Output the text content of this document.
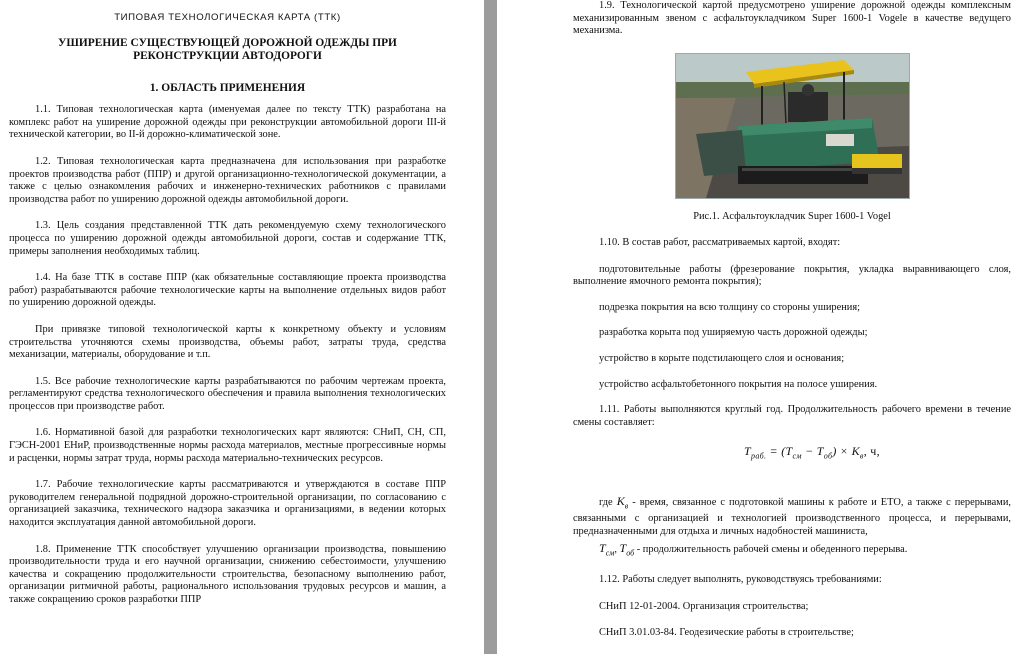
ТИПОВАЯ ТЕХНОЛОГИЧЕСКАЯ КАРТА (ТТК)
УШИРЕНИЕ СУЩЕСТВУЮЩЕЙ ДОРОЖНОЙ ОДЕЖДЫ ПРИ РЕКОНСТРУКЦИИ АВТОДОРОГИ
1. ОБЛАСТЬ ПРИМЕНЕНИЯ

1.1. Типовая технологическая карта (именуемая далее по тексту ТТК) разработана на комплекс работ на уширение дорожной одежды при реконструкции автомобильной дороги III-й технической категории, во II-й дорожно-климатической зоне.

1.2. Типовая технологическая карта предназначена для использования при разработке проектов производства работ (ППР) и другой организационно-технологической документации, а также с целью ознакомления рабочих и инженерно-технических работников с правилами производства работ по уширению дорожной одежды автомобильной дороги.

1.3. Цель создания представленной ТТК дать рекомендуемую схему технологического процесса по уширению дорожной одежды автомобильной дороги, состав и содержание ТТК, примеры заполнения необходимых таблиц.

1.4. На базе ТТК в составе ППР (как обязательные составляющие проекта производства работ) разрабатываются рабочие технологические карты на выполнение отдельных видов работ по уширению дорожной одежды.

При привязке типовой технологической карты к конкретному объекту и условиям строительства уточняются схемы производства, объемы работ, затраты труда, средства механизации, материалы, оборудование и т.п.

1.5. Все рабочие технологические карты разрабатываются по рабочим чертежам проекта, регламентируют средства технологического обеспечения и правила выполнения технологических процессов при производстве работ.

1.6. Нормативной базой для разработки технологических карт являются: СНиП, СН, СП, ГЭСН-2001 ЕНиР, производственные нормы расхода материалов, местные прогрессивные нормы и расценки, нормы затрат труда, нормы расхода материально-технических ресурсов.

1.7. Рабочие технологические карты рассматриваются и утверждаются в составе ППР руководителем генеральной подрядной дорожно-строительной организации, по согласованию с организацией заказчика, технического надзора заказчика и организациями, в ведении которых находится эксплуатация данной автомобильной дороги.

1.8. Применение ТТК способствует улучшению организации производства, повышению производительности труда и его научной организации, снижению себестоимости, улучшению качества и сокращению продолжительности строительства, безопасному выполнению работ, организации ритмичной работы, рационального использования трудовых ресурсов и машин, а также сокращению сроков разработки ППР

1.9. Технологической картой предусмотрено уширение дорожной одежды комплексным механизированным звеном с асфальтоукладчиком Super 1600-1 Vogele в качестве ведущего механизма.

Рис.1. Асфальтоукладчик Super 1600-1 Vogel

1.10. В состав работ, рассматриваемых картой, входят:

подготовительные работы (фрезерование покрытия, укладка выравнивающего слоя, выполнение ямочного ремонта покрытия);

подрезка покрытия на всю толщину со стороны уширения;

разработка корыта под уширяемую часть дорожной одежды;

устройство в корыте подстилающего слоя и основания;

устройство асфальтобетонного покрытия на полосе уширения.

1.11. Работы выполняются круглый год. Продолжительность рабочего времени в течение смены составляет:

$T_{раб.} = (T_{см} - T_{об}) \times K_в$, ч,

где $K_в$ - время, связанное с подготовкой машины к работе и ЕТО, а также с перерывами, связанными с организацией и технологией производственного процесса, и перерывами, предназначенными для отдыха и личных надобностей машиниста,

$T_{см}$, $T_{об}$ - продолжительность рабочей смены и обеденного перерыва.

1.12. Работы следует выполнять, руководствуясь требованиями:

СНиП 12-01-2004. Организация строительства;

СНиП 3.01.03-84. Геодезические работы в строительстве;
